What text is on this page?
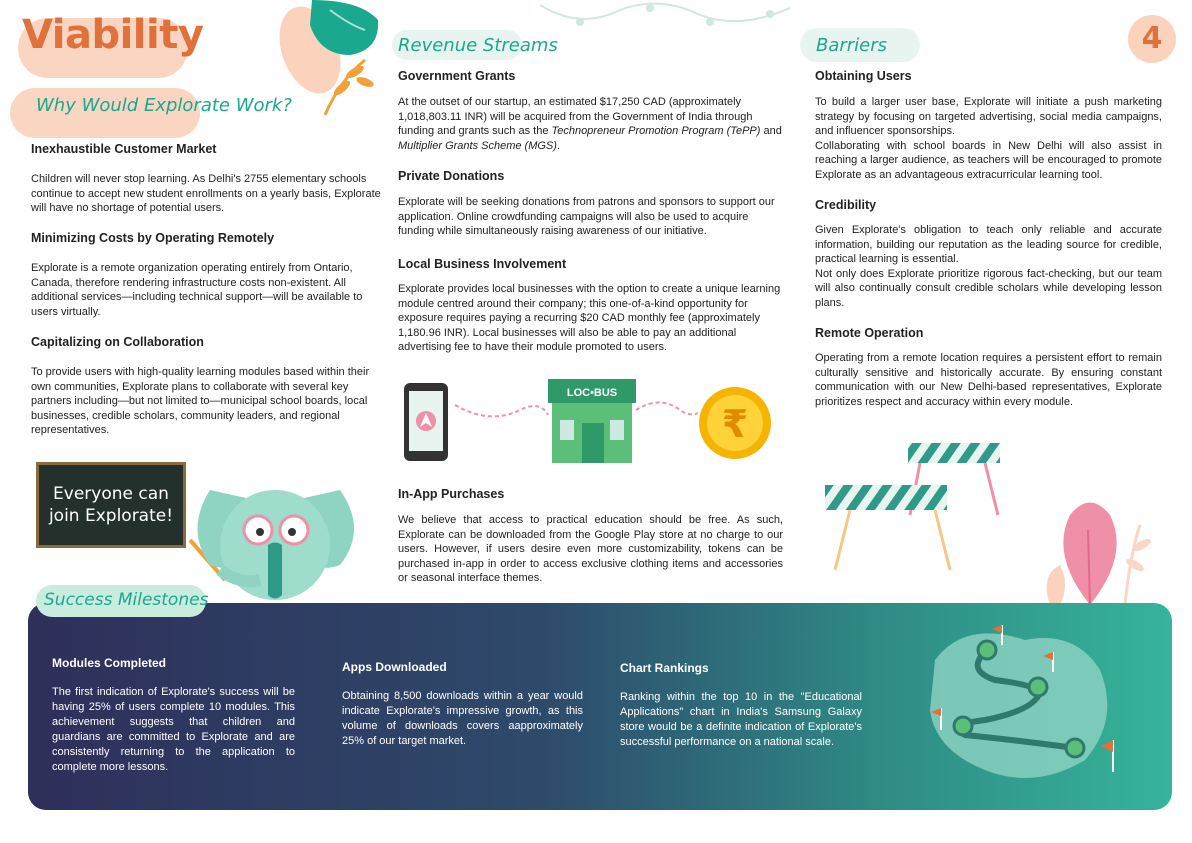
Viability	4
Why Would Explorate Work?
Inexhaustible Customer Market
Children will never stop learning. As Delhi's 2755 elementary schools continue to accept new student enrollments on a yearly basis, Explorate will have no shortage of potential users.
Minimizing Costs by Operating Remotely
Explorate is a remote organization operating entirely from Ontario, Canada, therefore rendering infrastructure costs non-existent. All additional services—including technical support—will be available to users virtually.
Capitalizing on Collaboration
To provide users with high-quality learning modules based within their own communities, Explorate plans to collaborate with several key partners including—but not limited to—municipal school boards, local businesses, credible scholars, community leaders, and regional representatives.
Everyone can join Explorate!
Revenue Streams
Government Grants
At the outset of our startup, an estimated $17,250 CAD (approximately 1,018,803.11 INR) will be acquired from the Government of India through funding and grants such as the Technopreneur Promotion Program (TePP) and Multiplier Grants Scheme (MGS).
Private Donations
Explorate will be seeking donations from patrons and sponsors to support our application. Online crowdfunding campaigns will also be used to acquire funding while simultaneously raising awareness of our initiative.
Local Business Involvement
Explorate provides local businesses with the option to create a unique learning module centred around their company; this one-of-a-kind opportunity for exposure requires paying a recurring $20 CAD monthly fee (approximately 1,180.96 INR). Local businesses will also be able to pay an additional advertising fee to have their module promoted to users.
LOC•BUS
₹
In-App Purchases
We believe that access to practical education should be free. As such, Explorate can be downloaded from the Google Play store at no charge to our users. However, if users desire even more customizability, tokens can be purchased in-app in order to access exclusive clothing items and accessories or seasonal interface themes.
Barriers
Obtaining Users
To build a larger user base, Explorate will initiate a push marketing strategy by focusing on targeted advertising, social media campaigns, and influencer sponsorships.
Collaborating with school boards in New Delhi will also assist in reaching a larger audience, as teachers will be encouraged to promote Explorate as an advantageous extracurricular learning tool.
Credibility
Given Explorate's obligation to teach only reliable and accurate information, building our reputation as the leading source for credible, practical learning is essential.
Not only does Explorate prioritize rigorous fact-checking, but our team will also continually consult credible scholars while developing lesson plans.
Remote Operation
Operating from a remote location requires a persistent effort to remain culturally sensitive and historically accurate. By ensuring constant communication with our New Delhi-based representatives, Explorate prioritizes respect and accuracy within every module.
Success Milestones
Modules Completed
The first indication of Explorate's success will be having 25% of users complete 10 modules. This achievement suggests that children and guardians are committed to Explorate and are consistently returning to the application to complete more lessons.
Apps Downloaded
Obtaining 8,500 downloads within a year would indicate Explorate's impressive growth, as this volume of downloads covers aapproximately 25% of our target market.
Chart Rankings
Ranking within the top 10 in the "Educational Applications" chart in India's Samsung Galaxy store would be a definite indication of Explorate's successful performance on a national scale.
